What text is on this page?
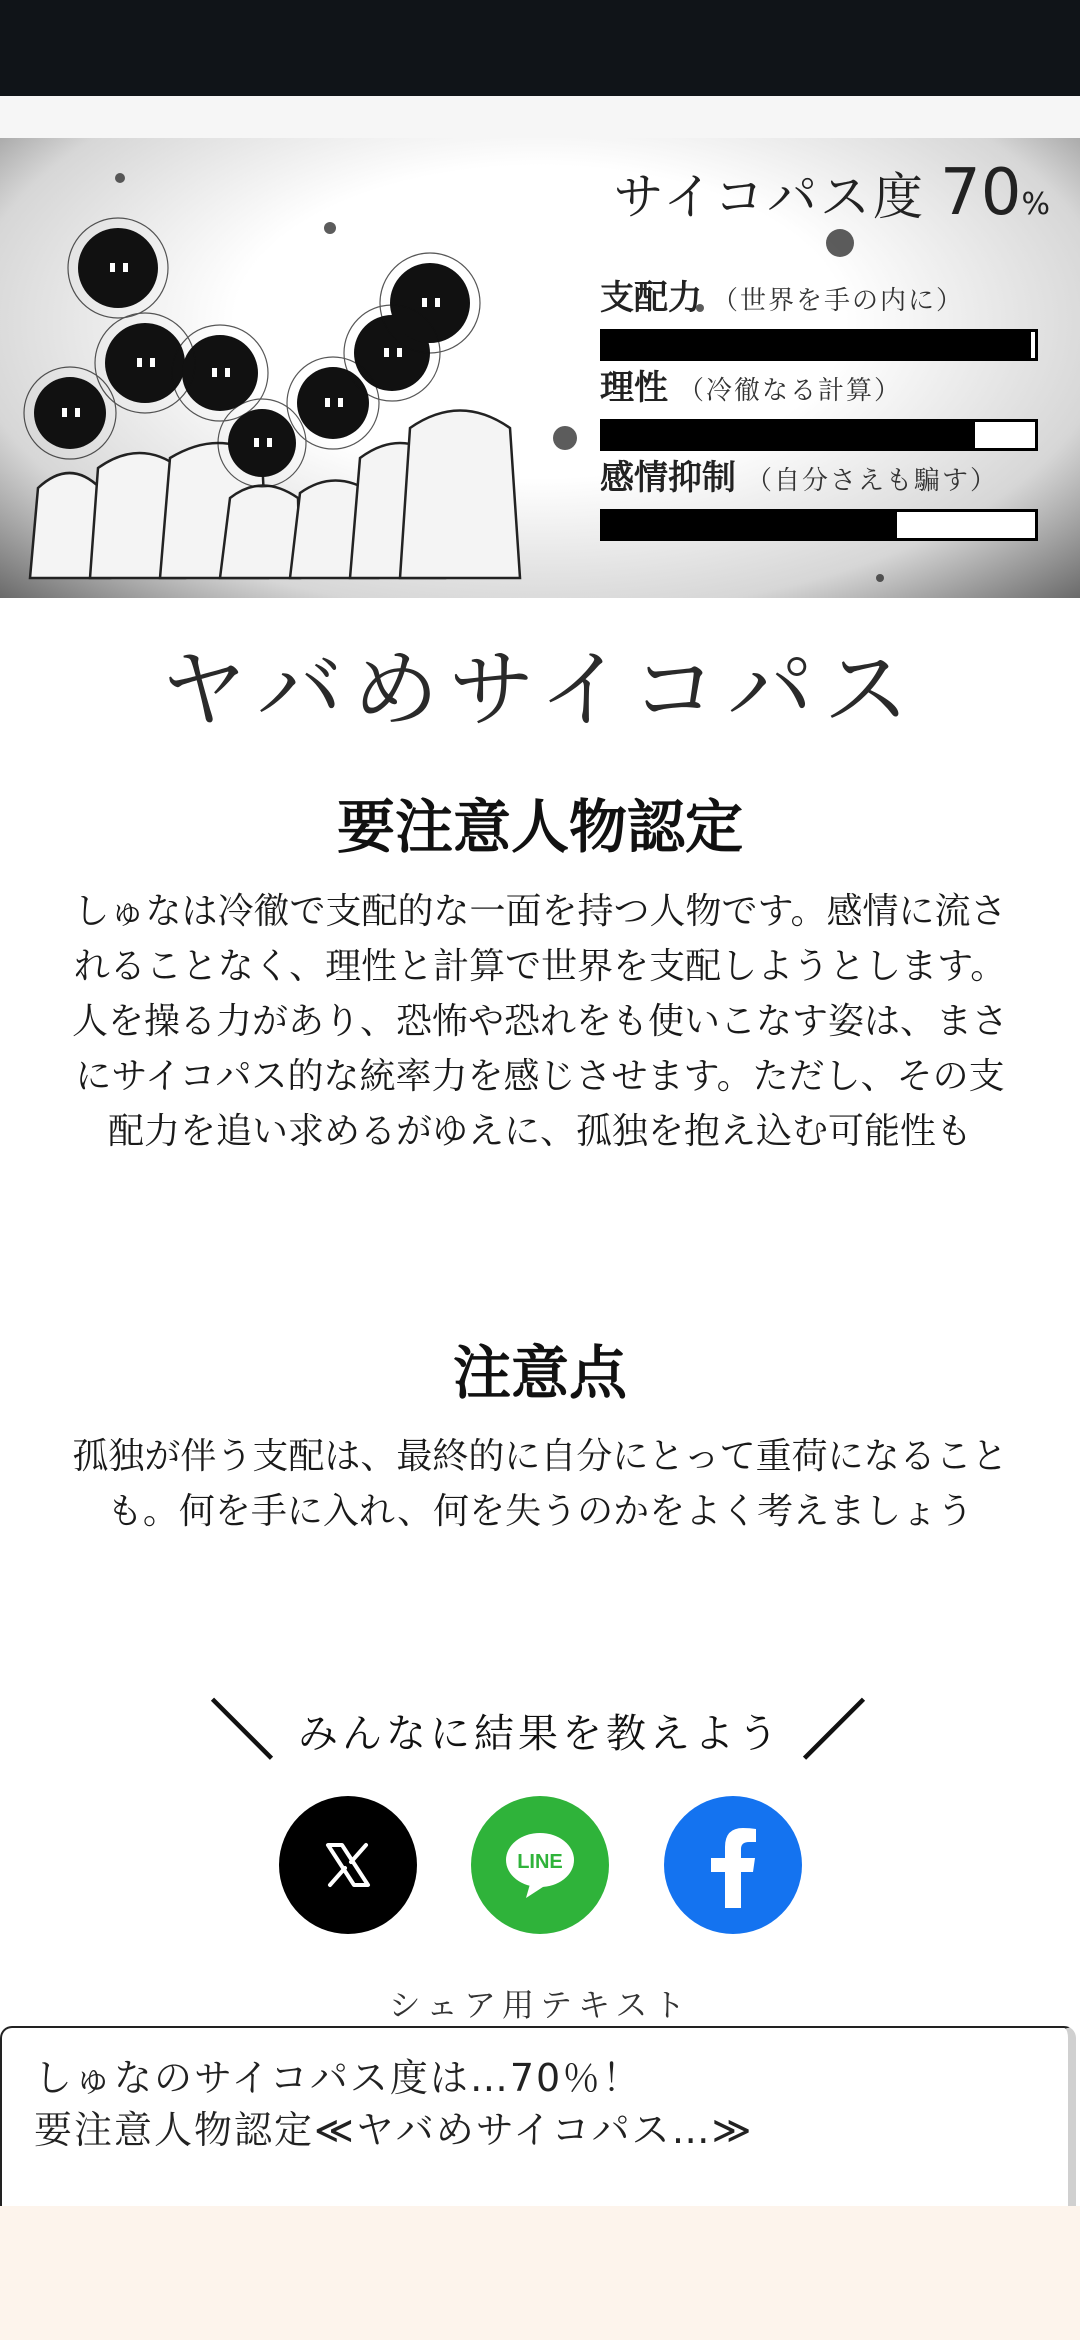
サイコパス度 70 %
支配力 （世界を手の内に）
理性 （冷徹なる計算）
感情抑制 （自分さえも騙す）
ヤバめサイコパス
要注意人物認定
しゅなは冷徹で支配的な一面を持つ人物です。感情に流されることなく、理性と計算で世界を支配しようとします。人を操る力があり、恐怖や恐れをも使いこなす姿は、まさにサイコパス的な統率力を感じさせます。ただし、その支配力を追い求めるがゆえに、孤独を抱え込む可能性も
注意点
孤独が伴う支配は、最終的に自分にとって重荷になることも。何を手に入れ、何を失うのかをよく考えましょう
＼ みんなに結果を教えよう ／
LINE
シェア用テキスト
しゅなのサイコパス度は…70％！
要注意人物認定≪ヤバめサイコパス…≫
